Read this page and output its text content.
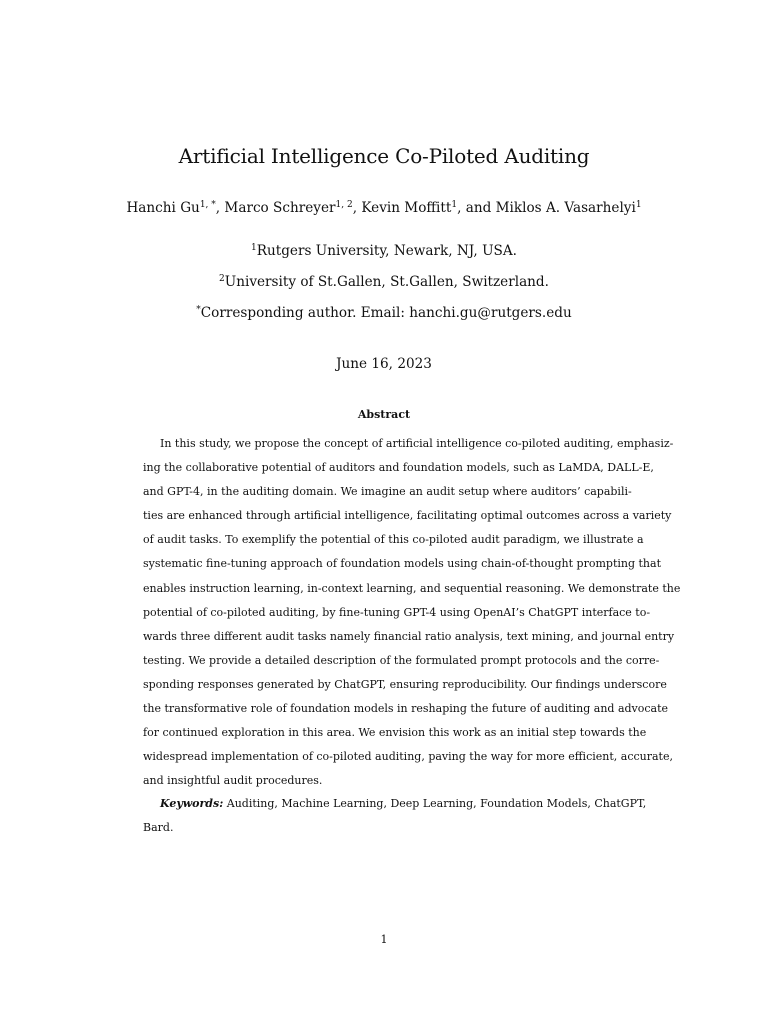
Artificial Intelligence Co-Piloted Auditing
Hanchi $Gu^{1, *}$, Marco Schreyer$^{1, 2}$, Kevin Moffitt$^1$, and Miklos A. Vasarhelyi$^1$
$^1$Rutgers University, Newark, NJ, USA.
$^2$University of St.Gallen, St.Gallen, Switzerland.
*Corresponding author. Email: hanchi.gu@rutgers.edu
June 16, 2023
Abstract
In this study, we propose the concept of artificial intelligence co-piloted auditing, emphasiz-
ing the collaborative potential of auditors and foundation models, such as LaMDA, DALL-E,
and GPT-4, in the auditing domain. We imagine an audit setup where auditors’ capabili-
ties are enhanced through artificial intelligence, facilitating optimal outcomes across a variety
of audit tasks. To exemplify the potential of this co-piloted audit paradigm, we illustrate a
systematic fine-tuning approach of foundation models using chain-of-thought prompting that
enables instruction learning, in-context learning, and sequential reasoning. We demonstrate the
potential of co-piloted auditing, by fine-tuning GPT-4 using OpenAI’s ChatGPT interface to-
wards three different audit tasks namely financial ratio analysis, text mining, and journal entry
testing. We provide a detailed description of the formulated prompt protocols and the corre-
sponding responses generated by ChatGPT, ensuring reproducibility. Our findings underscore
the transformative role of foundation models in reshaping the future of auditing and advocate
for continued exploration in this area. We envision this work as an initial step towards the
widespread implementation of co-piloted auditing, paving the way for more efficient, accurate,
and insightful audit procedures.
Keywords: Auditing, Machine Learning, Deep Learning, Foundation Models, ChatGPT,
Bard.
1
